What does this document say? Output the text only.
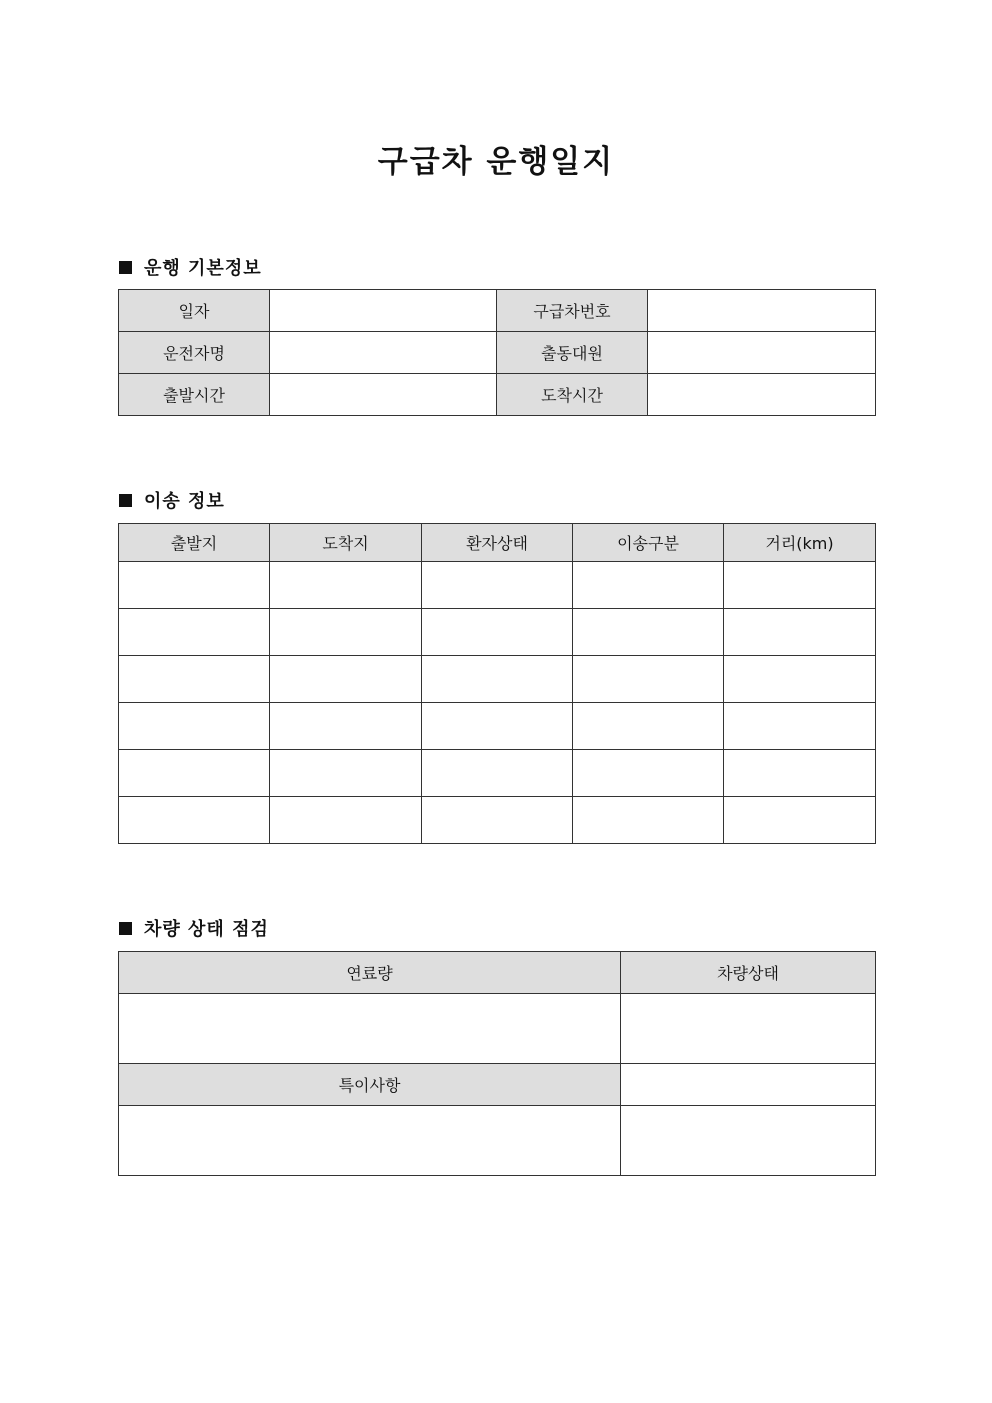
구급차 운행일지
운행 기본정보
일자		구급차번호	
운전자명		출동대원	
출발시간		도착시간	
이송 정보
출발지	도착지	환자상태	이송구분	거리(km)

차량 상태 점검
연료량	차량상태

특이사항	
